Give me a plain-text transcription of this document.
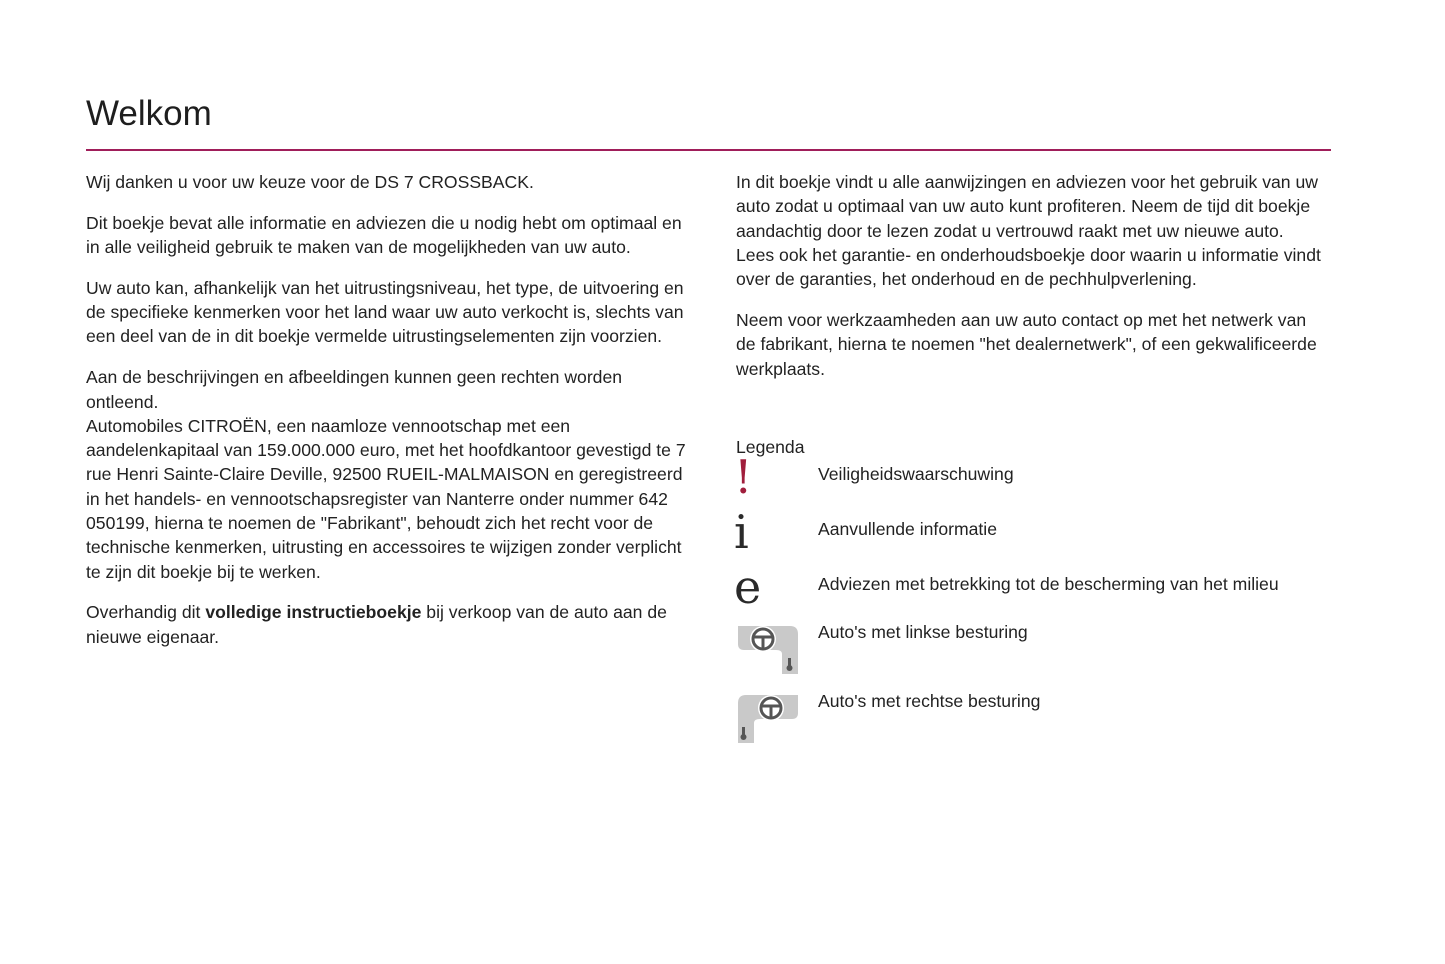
Welkom

Wij danken u voor uw keuze voor de DS 7 CROSSBACK.

Dit boekje bevat alle informatie en adviezen die u nodig hebt om optimaal en in alle veiligheid gebruik te maken van de mogelijkheden van uw auto.

Uw auto kan, afhankelijk van het uitrustingsniveau, het type, de uitvoering en de specifieke kenmerken voor het land waar uw auto verkocht is, slechts van een deel van de in dit boekje vermelde uitrustingselementen zijn voorzien.

Aan de beschrijvingen en afbeeldingen kunnen geen rechten worden ontleend.

Automobiles CITROËN, een naamloze vennootschap met een aandelenkapitaal van 159.000.000 euro, met het hoofdkantoor gevestigd te 7 rue Henri Sainte-Claire Deville, 92500 RUEIL-MALMAISON en geregistreerd in het handels- en vennootschapsregister van Nanterre onder nummer 642 050199, hierna te noemen de "Fabrikant", behoudt zich het recht voor de technische kenmerken, uitrusting en accessoires te wijzigen zonder verplicht te zijn dit boekje bij te werken.

Overhandig dit volledige instructieboekje bij verkoop van de auto aan de nieuwe eigenaar.

In dit boekje vindt u alle aanwijzingen en adviezen voor het gebruik van uw auto zodat u optimaal van uw auto kunt profiteren. Neem de tijd dit boekje aandachtig door te lezen zodat u vertrouwd raakt met uw nieuwe auto. Lees ook het garantie- en onderhoudsboekje door waarin u informatie vindt over de garanties, het onderhoud en de pechhulpverlening.

Neem voor werkzaamheden aan uw auto contact op met het netwerk van de fabrikant, hierna te noemen "het dealernetwerk", of een gekwalificeerde werkplaats.

Legenda
!	Veiligheidswaarschuwing
i	Aanvullende informatie
e	Adviezen met betrekking tot de bescherming van het milieu
Auto's met linkse besturing
Auto's met rechtse besturing
